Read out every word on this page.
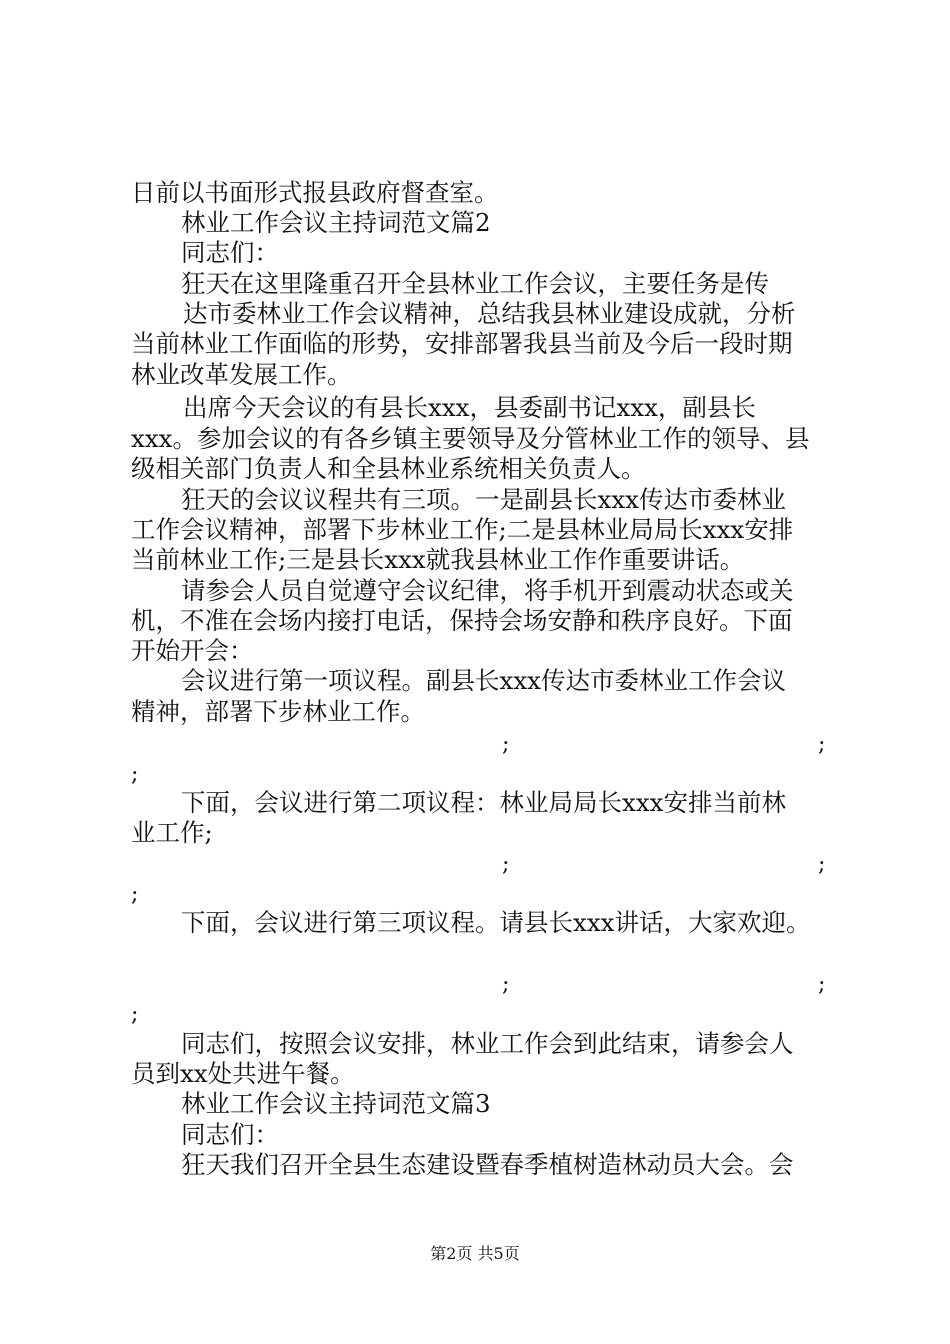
日前以书面形式报县政府督查室。
林业工作会议主持词范文篇2
同志们：
狂天在这里隆重召开全县林业工作会议，主要任务是传
达市委林业工作会议精神，总结我县林业建设成就，分析
当前林业工作面临的形势，安排部署我县当前及今后一段时期
林业改革发展工作。
出席今天会议的有县长xxx，县委副书记xxx，副县长
xxx。参加会议的有各乡镇主要领导及分管林业工作的领导、县
级相关部门负责人和全县林业系统相关负责人。
狂天的会议议程共有三项。一是副县长xxx传达市委林业
工作会议精神，部署下步林业工作;二是县林业局局长xxx安排
当前林业工作;三是县长xxx就我县林业工作作重要讲话。
请参会人员自觉遵守会议纪律，将手机开到震动状态或关
机，不准在会场内接打电话，保持会场安静和秩序良好。下面
开始开会：
会议进行第一项议程。副县长xxx传达市委林业工作会议
精神，部署下步林业工作。
;	;
;
下面，会议进行第二项议程：林业局局长xxx安排当前林
业工作;
;	;
;
下面，会议进行第三项议程。请县长xxx讲话，大家欢迎。
;	;
;
同志们，按照会议安排，林业工作会到此结束，请参会人
员到xx处共进午餐。
林业工作会议主持词范文篇3
同志们：
狂天我们召开全县生态建设暨春季植树造林动员大会。会
第2页 共5页
